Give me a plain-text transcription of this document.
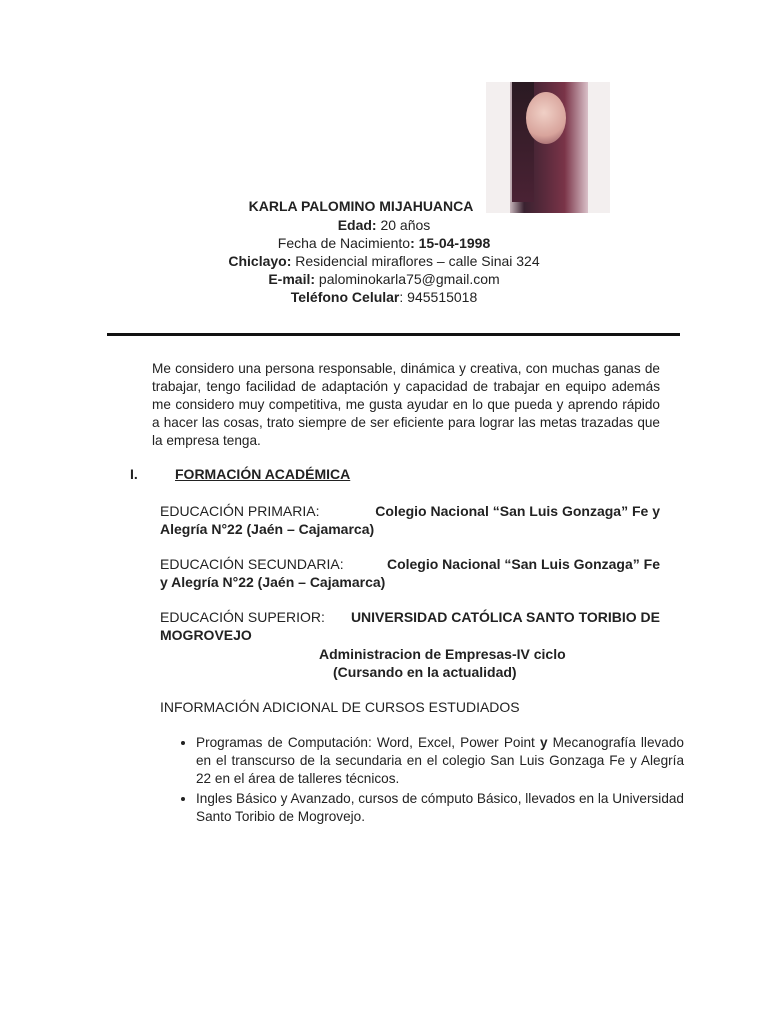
KARLA PALOMINO MIJAHUANCA
Edad: 20 años
Fecha de Nacimiento: 15-04-1998
Chiclayo: Residencial miraflores – calle Sinai 324
E-mail: palominokarla75@gmail.com
Teléfono Celular: 945515018
Me considero una persona responsable, dinámica y creativa, con muchas ganas de trabajar, tengo facilidad de adaptación y capacidad de trabajar en equipo además me considero muy competitiva, me gusta ayudar en lo que pueda y aprendo rápido a hacer las cosas, trato siempre de ser eficiente para lograr las metas trazadas que la empresa tenga.
I.	FORMACIÓN ACADÉMICA
EDUCACIÓN PRIMARIA:	Colegio Nacional “San Luis Gonzaga” Fe y
Alegría N°22 (Jaén – Cajamarca)
EDUCACIÓN SECUNDARIA:	Colegio Nacional “San Luis Gonzaga” Fe
y Alegría N°22 (Jaén – Cajamarca)
EDUCACIÓN SUPERIOR: UNIVERSIDAD CATÓLICA SANTO TORIBIO DE
MOGROVEJO
Administracion de Empresas-IV ciclo
(Cursando en la actualidad)
INFORMACIÓN ADICIONAL DE CURSOS ESTUDIADOS
• Programas de Computación: Word, Excel, Power Point y Mecanografía llevado en el transcurso de la secundaria en el colegio San Luis Gonzaga Fe y Alegría 22 en el área de talleres técnicos.
• Ingles Básico y Avanzado, cursos de cómputo Básico, llevados en la Universidad Santo Toribio de Mogrovejo.
